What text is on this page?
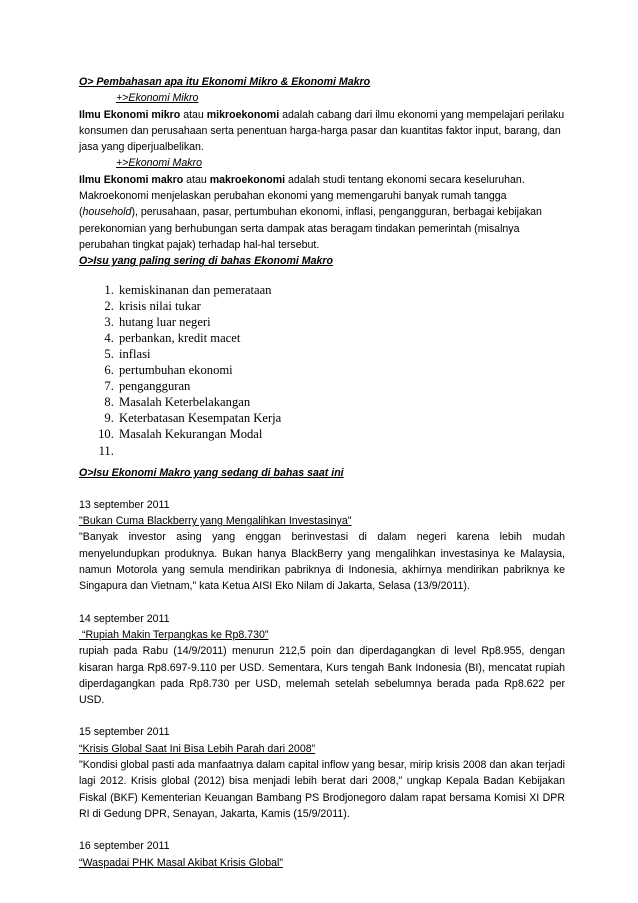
O> Pembahasan apa itu Ekonomi Mikro & Ekonomi Makro
+>Ekonomi Mikro
Ilmu Ekonomi mikro atau mikroekonomi adalah cabang dari ilmu ekonomi yang mempelajari perilaku konsumen dan perusahaan serta penentuan harga-harga pasar dan kuantitas faktor input, barang, dan jasa yang diperjualbelikan.
+>Ekonomi Makro
Ilmu Ekonomi makro atau makroekonomi adalah studi tentang ekonomi secara keseluruhan. Makroekonomi menjelaskan perubahan ekonomi yang memengaruhi banyak rumah tangga (household), perusahaan, pasar, pertumbuhan ekonomi, inflasi, pengangguran, berbagai kebijakan perekonomian yang berhubungan serta dampak atas beragam tindakan pemerintah (misalnya perubahan tingkat pajak) terhadap hal-hal tersebut.
O>Isu yang paling sering di bahas Ekonomi Makro
1. kemiskinanan dan pemerataan
2. krisis nilai tukar
3. hutang luar negeri
4. perbankan, kredit macet
5. inflasi
6. pertumbuhan ekonomi
7. pengangguran
8. Masalah Keterbelakangan
9. Keterbatasan Kesempatan Kerja
10. Masalah Kekurangan Modal
11.
O>Isu Ekonomi Makro yang sedang di bahas saat ini
13 september 2011
"Bukan Cuma Blackberry yang Mengalihkan Investasinya"
"Banyak investor asing yang enggan berinvestasi di dalam negeri karena lebih mudah menyelundupkan produknya. Bukan hanya BlackBerry yang mengalihkan investasinya ke Malaysia, namun Motorola yang semula mendirikan pabriknya di Indonesia, akhirnya mendirikan pabriknya ke Singapura dan Vietnam," kata Ketua AISI Eko Nilam di Jakarta, Selasa (13/9/2011).
14 september 2011
“Rupiah Makin Terpangkas ke Rp8.730”
rupiah pada Rabu (14/9/2011) menurun 212,5 poin dan diperdagangkan di level Rp8.955, dengan kisaran harga Rp8.697-9.110 per USD. Sementara, Kurs tengah Bank Indonesia (BI), mencatat rupiah diperdagangkan pada Rp8.730 per USD, melemah setelah sebelumnya berada pada Rp8.622 per USD.
15 september 2011
“Krisis Global Saat Ini Bisa Lebih Parah dari 2008”
"Kondisi global pasti ada manfaatnya dalam capital inflow yang besar, mirip krisis 2008 dan akan terjadi lagi 2012. Krisis global (2012) bisa menjadi lebih berat dari 2008," ungkap Kepala Badan Kebijakan Fiskal (BKF) Kementerian Keuangan Bambang PS Brodjonegoro dalam rapat bersama Komisi XI DPR RI di Gedung DPR, Senayan, Jakarta, Kamis (15/9/2011).
16 september 2011
“Waspadai PHK Masal Akibat Krisis Global”
